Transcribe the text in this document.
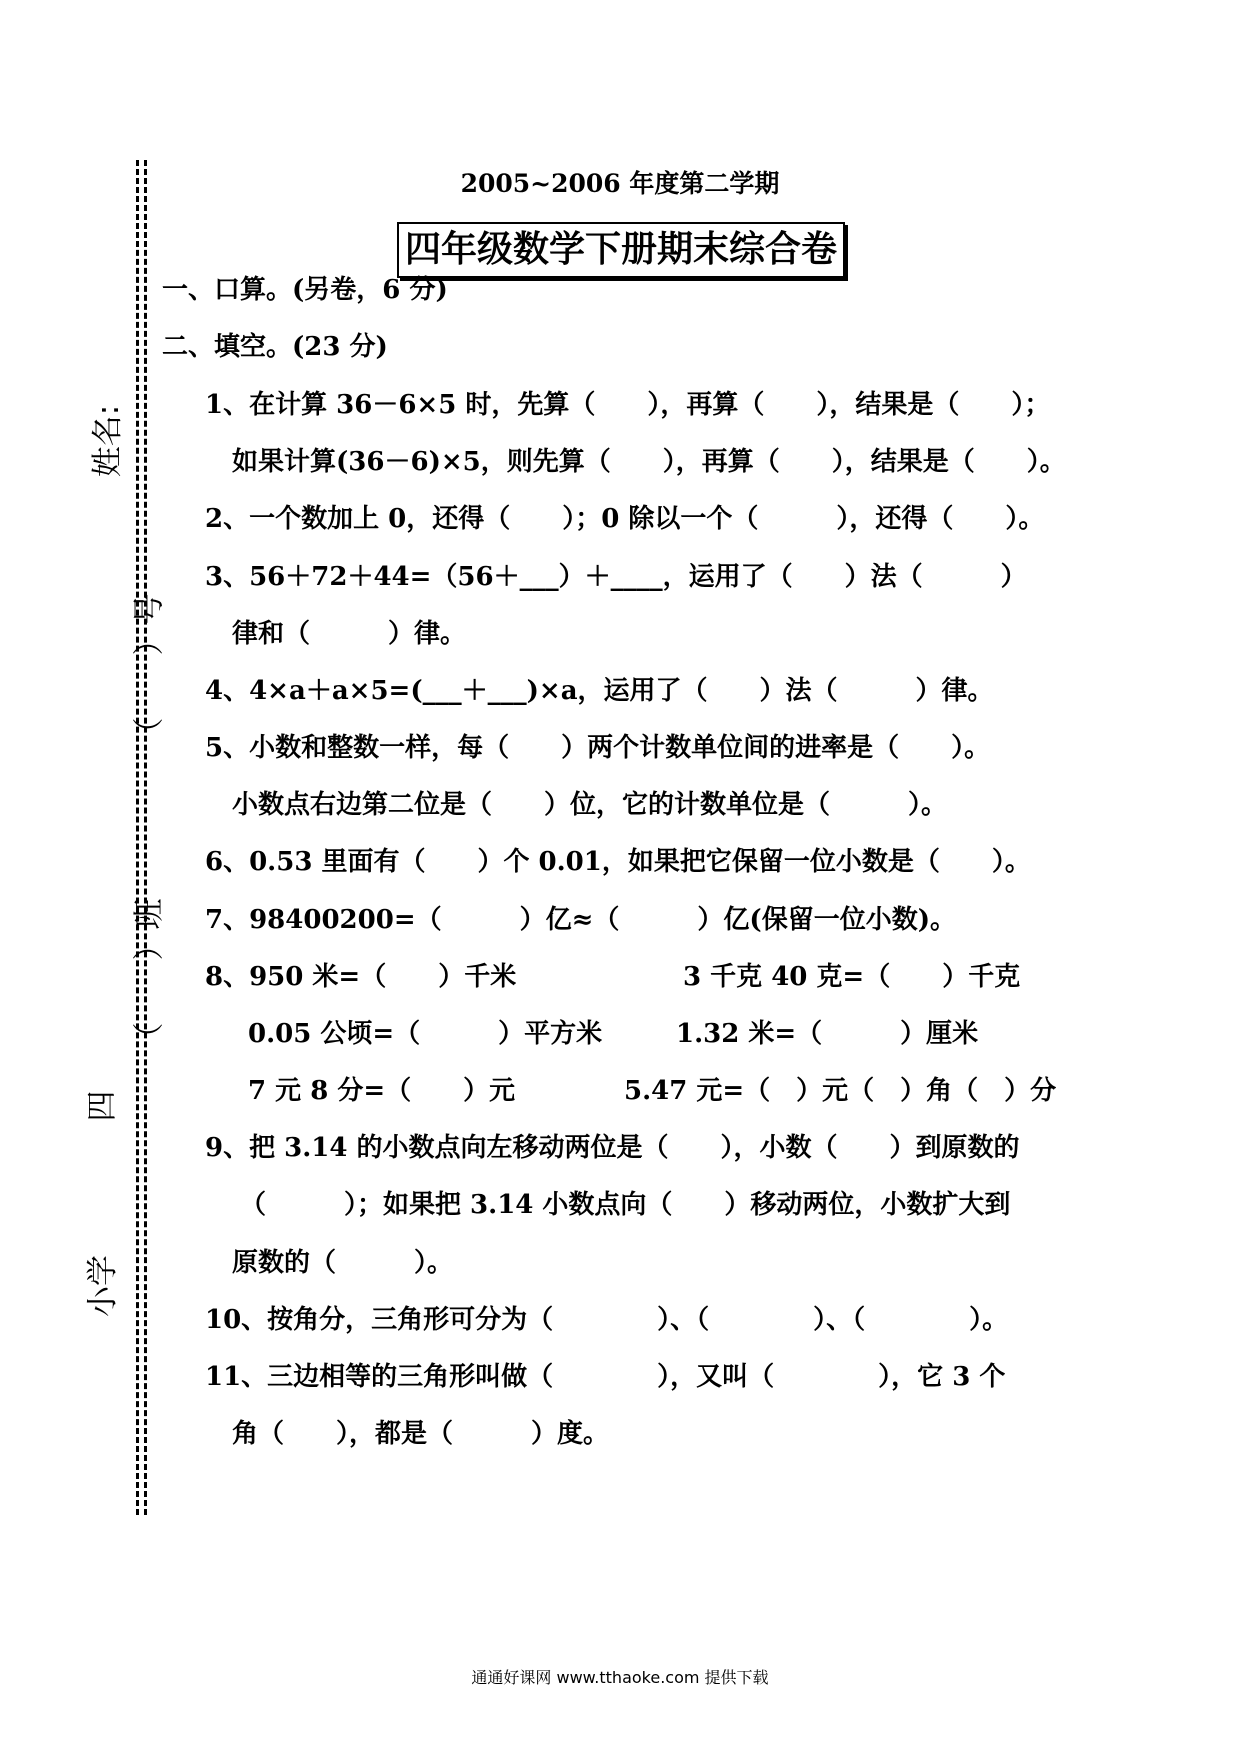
姓名:
（　　）号
（　　）班
四
小学
2005~2006 年度第二学期
四年级数学下册期末综合卷
一、口算。(另卷，6 分)
二、填空。(23 分)
1、在计算 36－6×5 时，先算（　　），再算（　　），结果是（　　）；
如果计算(36－6)×5，则先算（　　），再算（　　），结果是（　　）。
2、一个数加上 0，还得（　　）；0 除以一个（　　　），还得（　　）。
3、56＋72＋44=（56＋___）＋____，运用了（　　）法（　　　）
律和（　　　）律。
4、4×a＋a×5=(___＋___)×a，运用了（　　）法（　　　）律。
5、小数和整数一样，每（　　）两个计数单位间的进率是（　　）。
小数点右边第二位是（　　）位，它的计数单位是（　　　）。
6、0.53 里面有（　　）个 0.01，如果把它保留一位小数是（　　）。
7、98400200=（　　　）亿≈（　　　）亿(保留一位小数)。
8、950 米=（　　）千米	3 千克 40 克=（　　）千克
0.05 公顷=（　　　）平方米	1.32 米=（　　　）厘米
7 元 8 分=（　　）元	5.47 元=（　）元（　）角（　）分
9、把 3.14 的小数点向左移动两位是（　　），小数（　　）到原数的
（　　　）；如果把 3.14 小数点向（　　）移动两位，小数扩大到
原数的（　　　）。
10、按角分，三角形可分为（　　　　）、（　　　　）、（　　　　）。
11、三边相等的三角形叫做（　　　　），又叫（　　　　），它 3 个
角（　　），都是（　　　）度。
通通好课网 www.tthaoke.com 提供下载
